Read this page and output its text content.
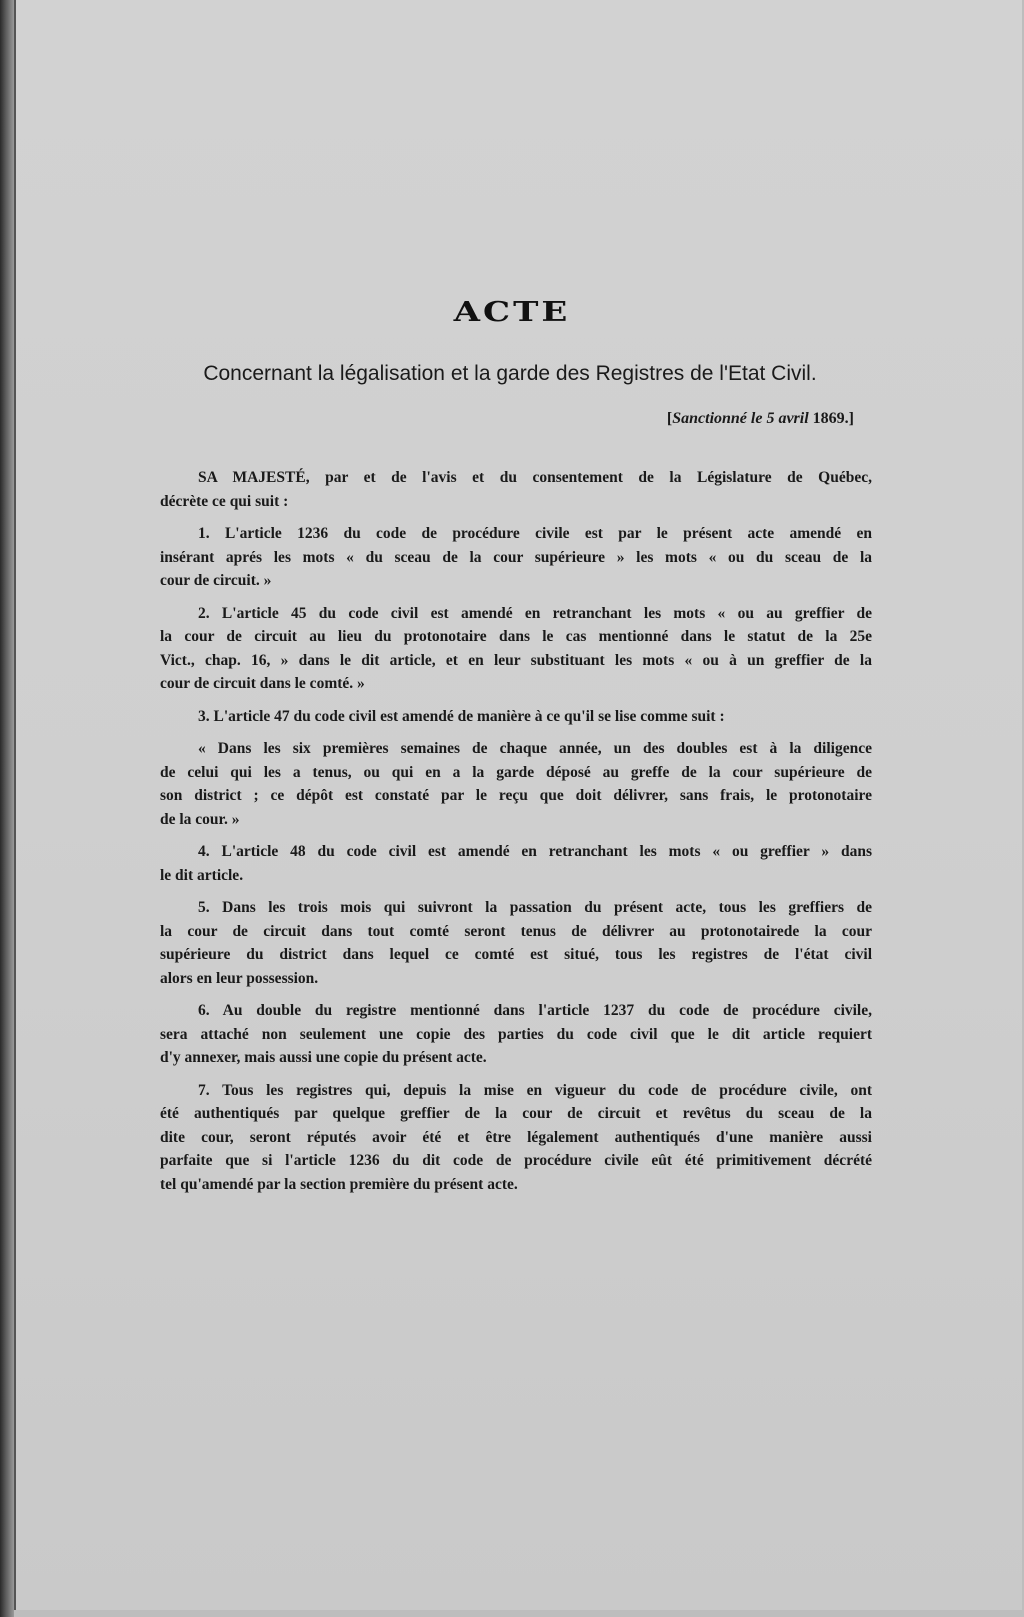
ACTE
Concernant la légalisation et la garde des Registres de l'Etat Civil.
[Sanctionné le 5 avril 1869.]
SA MAJESTÉ, par et de l'avis et du consentement de la Législature de Québec,
décrète ce qui suit :
1. L'article 1236 du code de procédure civile est par le présent acte amendé en
insérant aprés les mots « du sceau de la cour supérieure » les mots « ou du sceau de la
cour de circuit. »
2. L'article 45 du code civil est amendé en retranchant les mots « ou au greffier de
la cour de circuit au lieu du protonotaire dans le cas mentionné dans le statut de la 25e
Vict., chap. 16, » dans le dit article, et en leur substituant les mots « ou à un greffier de la
cour de circuit dans le comté. »
3. L'article 47 du code civil est amendé de manière à ce qu'il se lise comme suit :
« Dans les six premières semaines de chaque année, un des doubles est à la diligence
de celui qui les a tenus, ou qui en a la garde déposé au greffe de la cour supérieure de
son district ; ce dépôt est constaté par le reçu que doit délivrer, sans frais, le protonotaire
de la cour. »
4. L'article 48 du code civil est amendé en retranchant les mots « ou greffier » dans
le dit article.
5. Dans les trois mois qui suivront la passation du présent acte, tous les greffiers de
la cour de circuit dans tout comté seront tenus de délivrer au protonotairede la cour
supérieure du district dans lequel ce comté est situé, tous les registres de l'état civil
alors en leur possession.
6. Au double du registre mentionné dans l'article 1237 du code de procédure civile,
sera attaché non seulement une copie des parties du code civil que le dit article requiert
d'y annexer, mais aussi une copie du présent acte.
7. Tous les registres qui, depuis la mise en vigueur du code de procédure civile, ont
été authentiqués par quelque greffier de la cour de circuit et revêtus du sceau de la
dite cour, seront réputés avoir été et être légalement authentiqués d'une manière aussi
parfaite que si l'article 1236 du dit code de procédure civile eût été primitivement décrété
tel qu'amendé par la section première du présent acte.
